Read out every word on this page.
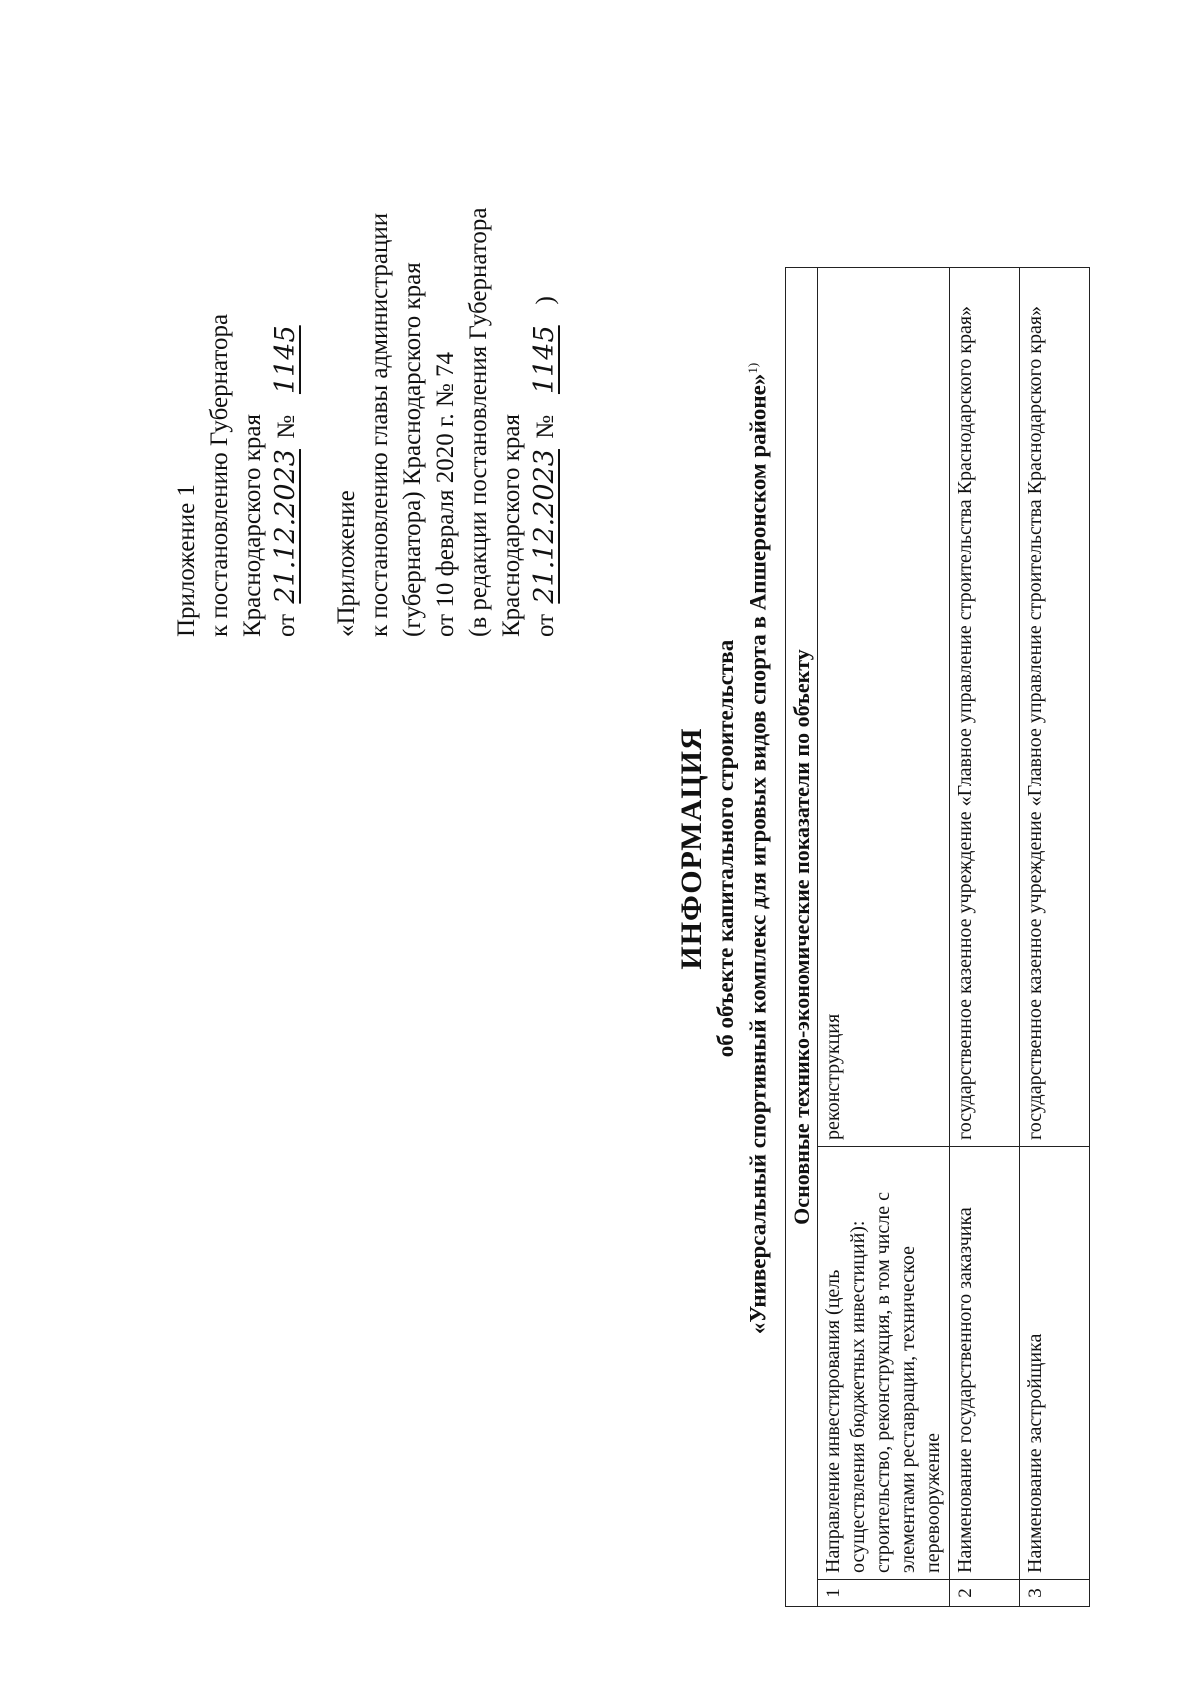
Приложение 1 к постановлению Губернатора Краснодарского края от 21.12.2023 № 1145
«Приложение к постановлению главы администрации (губернатора) Краснодарского края от 10 февраля 2020 г. № 74 (в редакции постановления Губернатора Краснодарского края от 21.12.2023 № 1145 )
ИНФОРМАЦИЯ об объекте капитального строительства «Универсальный спортивный комплекс для игровых видов спорта в Апшеронском районе»$^{1)}$
Основные технико-экономические показатели по объекту		
1	Направление инвестирования (цель осуществления бюджетных инвестиций): строительство, реконструкция, в том числе с элементами реставрации, техническое перевооружение	реконструкция
2	Наименование государственного заказчика	государственное казенное учреждение «Главное управление строительства Краснодарского края»
3	Наименование застройщика	государственное казенное учреждение «Главное управление строительства Краснодарского края»
